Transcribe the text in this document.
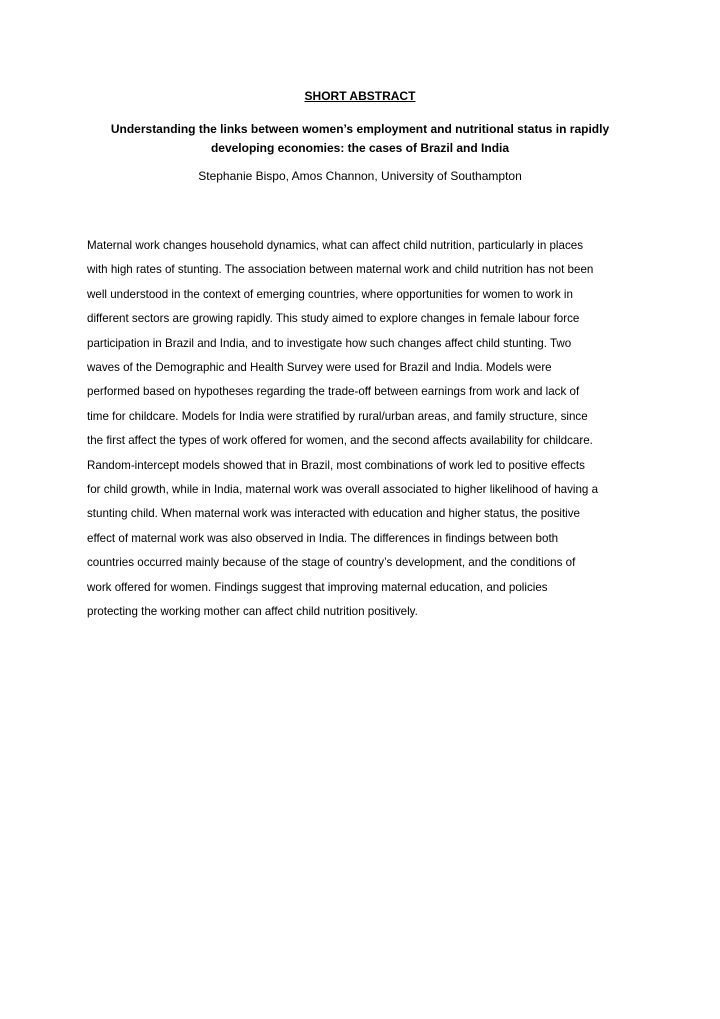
SHORT ABSTRACT
Understanding the links between women’s employment and nutritional status in rapidly
developing economies: the cases of Brazil and India
Stephanie Bispo, Amos Channon, University of Southampton
Maternal work changes household dynamics, what can affect child nutrition, particularly in places
with high rates of stunting. The association between maternal work and child nutrition has not been
well understood in the context of emerging countries, where opportunities for women to work in
different sectors are growing rapidly. This study aimed to explore changes in female labour force
participation in Brazil and India, and to investigate how such changes affect child stunting. Two
waves of the Demographic and Health Survey were used for Brazil and India. Models were
performed based on hypotheses regarding the trade-off between earnings from work and lack of
time for childcare. Models for India were stratified by rural/urban areas, and family structure, since
the first affect the types of work offered for women, and the second affects availability for childcare.
Random-intercept models showed that in Brazil, most combinations of work led to positive effects
for child growth, while in India, maternal work was overall associated to higher likelihood of having a
stunting child. When maternal work was interacted with education and higher status, the positive
effect of maternal work was also observed in India. The differences in findings between both
countries occurred mainly because of the stage of country’s development, and the conditions of
work offered for women. Findings suggest that improving maternal education, and policies
protecting the working mother can affect child nutrition positively.
